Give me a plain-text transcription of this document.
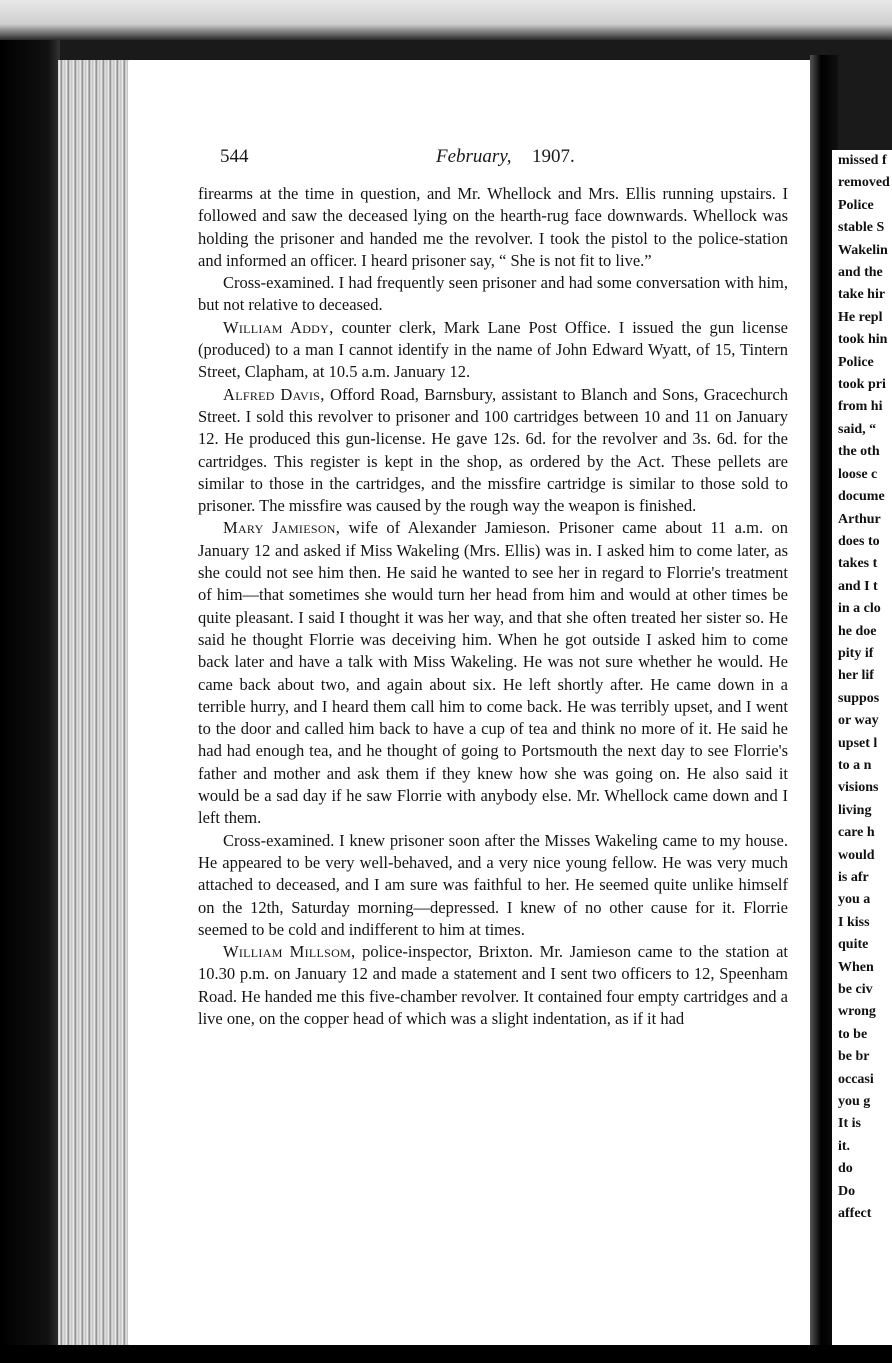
544	February, 1907.

firearms at the time in question, and Mr. Whellock and Mrs. Ellis running upstairs. I followed and saw the deceased lying on the hearth-rug face downwards. Whellock was holding the prisoner and handed me the revolver. I took the pistol to the police-station and informed an officer. I heard prisoner say, “ She is not fit to live.”

Cross-examined. I had frequently seen prisoner and had some conversation with him, but not relative to deceased.

William Addy, counter clerk, Mark Lane Post Office. I issued the gun license (produced) to a man I cannot identify in the name of John Edward Wyatt, of 15, Tintern Street, Clapham, at 10.5 a.m. January 12.

Alfred Davis, Offord Road, Barnsbury, assistant to Blanch and Sons, Gracechurch Street. I sold this revolver to prisoner and 100 cartridges between 10 and 11 on January 12. He produced this gun-license. He gave 12s. 6d. for the revolver and 3s. 6d. for the cartridges. This register is kept in the shop, as ordered by the Act. These pellets are similar to those in the cartridges, and the missfire cartridge is similar to those sold to prisoner. The missfire was caused by the rough way the weapon is finished.

Mary Jamieson, wife of Alexander Jamieson. Prisoner came about 11 a.m. on January 12 and asked if Miss Wakeling (Mrs. Ellis) was in. I asked him to come later, as she could not see him then. He said he wanted to see her in regard to Florrie's treatment of him—that sometimes she would turn her head from him and would at other times be quite pleasant. I said I thought it was her way, and that she often treated her sister so. He said he thought Florrie was deceiving him. When he got outside I asked him to come back later and have a talk with Miss Wakeling. He was not sure whether he would. He came back about two, and again about six. He left shortly after. He came down in a terrible hurry, and I heard them call him to come back. He was terribly upset, and I went to the door and called him back to have a cup of tea and think no more of it. He said he had had enough tea, and he thought of going to Portsmouth the next day to see Florrie's father and mother and ask them if they knew how she was going on. He also said it would be a sad day if he saw Florrie with anybody else. Mr. Whellock came down and I left them.

Cross-examined. I knew prisoner soon after the Misses Wakeling came to my house. He appeared to be very well-behaved, and a very nice young fellow. He was very much attached to deceased, and I am sure was faithful to her. He seemed quite unlike himself on the 12th, Saturday morning—depressed. I knew of no other cause for it. Florrie seemed to be cold and indifferent to him at times.

William Millsom, police-inspector, Brixton. Mr. Jamieson came to the station at 10.30 p.m. on January 12 and made a statement and I sent two officers to 12, Speenham Road. He handed me this five-chamber revolver. It contained four empty cartridges and a live one, on the copper head of which was a slight indentation, as if it had

missed f
removed
Police
stable S
Wakelin
and the
take hir
He repl
took hin
Police
took pri
from hi
said, “
the oth
loose c
docume
Arthur
does to
takes t
and I t
in a clo
he doe
pity if
her lif
suppos
or way
upset l
to a n
visions
living
care h
would
is afr
you a
I kiss
quite
When
be civ
wrong
to be
be br
occasi
you g
It is
it.
do
Do
affect
